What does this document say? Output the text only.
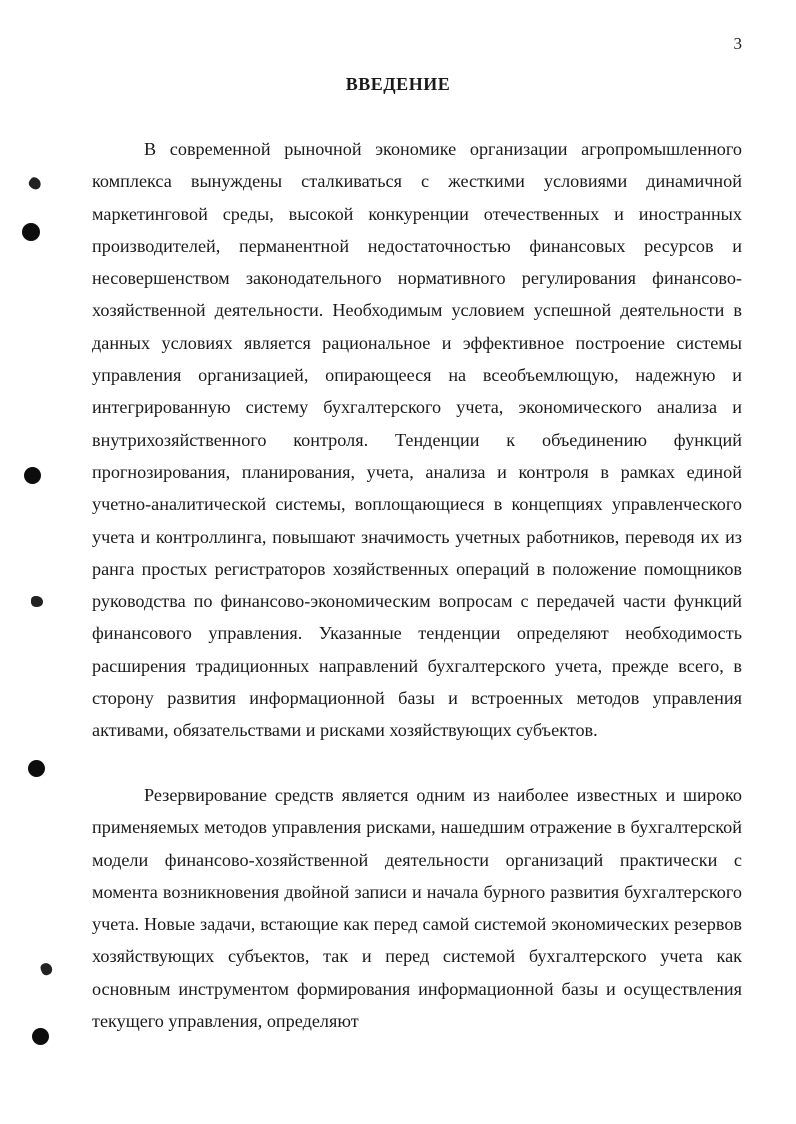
3
ВВЕДЕНИЕ

В современной рыночной экономике организации агропромышленного комплекса вынуждены сталкиваться с жесткими условиями динамичной маркетинговой среды, высокой конкуренции отечественных и иностранных производителей, перманентной недостаточностью финансовых ресурсов и несовершенством законодательного нормативного регулирования финансово-хозяйственной деятельности. Необходимым условием успешной деятельности в данных условиях является рациональное и эффективное построение системы управления организацией, опирающееся на всеобъемлющую, надежную и интегрированную систему бухгалтерского учета, экономического анализа и внутрихозяйственного контроля. Тенденции к объединению функций прогнозирования, планирования, учета, анализа и контроля в рамках единой учетно-аналитической системы, воплощающиеся в концепциях управленческого учета и контроллинга, повышают значимость учетных работников, переводя их из ранга простых регистраторов хозяйственных операций в положение помощников руководства по финансово-экономическим вопросам с передачей части функций финансового управления. Указанные тенденции определяют необходимость расширения традиционных направлений бухгалтерского учета, прежде всего, в сторону развития информационной базы и встроенных методов управления активами, обязательствами и рисками хозяйствующих субъектов.

Резервирование средств является одним из наиболее известных и широко применяемых методов управления рисками, нашедшим отражение в бухгалтерской модели финансово-хозяйственной деятельности организаций практически с момента возникновения двойной записи и начала бурного развития бухгалтерского учета. Новые задачи, встающие как перед самой системой экономических резервов хозяйствующих субъектов, так и перед системой бухгалтерского учета как основным инструментом формирования информационной базы и осуществления текущего управления, определяют
